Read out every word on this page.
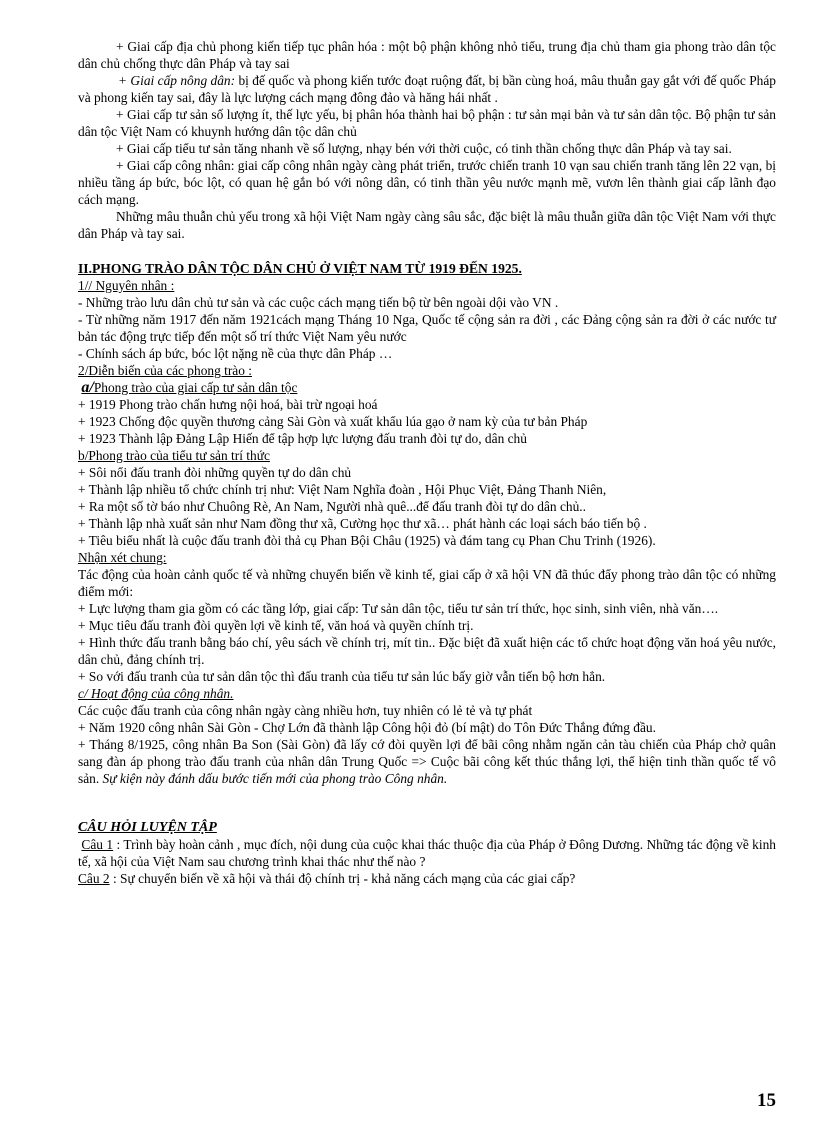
+ Giai cấp địa chủ phong kiến tiếp tục phân hóa : một bộ phận không nhỏ tiểu, trung địa chủ tham gia phong trào dân tộc dân chủ chống thực dân Pháp và tay sai

+ Giai cấp nông dân: bị đế quốc và phong kiến tước đoạt ruộng đất, bị bần cùng hoá, mâu thuẫn gay gắt với đế quốc Pháp và phong kiến tay sai, đây là lực lượng cách mạng đông đảo và hăng hái nhất .

+ Giai cấp tư sản số lượng ít, thế lực yếu, bị phân hóa thành hai bộ phận : tư sản mại bản và tư sản dân tộc. Bộ phận tư sản dân tộc Việt Nam có khuynh hướng dân tộc dân chủ

+ Giai cấp tiểu tư sản tăng nhanh về số lượng, nhạy bén với thời cuộc, có tinh thần chống thực dân Pháp và tay sai.

+ Giai cấp công nhân: giai cấp công nhân ngày càng phát triển, trước chiến tranh 10 vạn sau chiến tranh tăng lên 22 vạn, bị nhiều tầng áp bức, bóc lột, có quan hệ gắn bó với nông dân, có tinh thần yêu nước mạnh mẽ, vươn lên thành giai cấp lãnh đạo cách mạng.

Những mâu thuẫn chủ yếu trong xã hội Việt Nam ngày càng sâu sắc, đặc biệt là mâu thuẫn giữa dân tộc Việt Nam với thực dân Pháp và tay sai.

II.PHONG TRÀO DÂN TỘC DÂN CHỦ Ở VIỆT NAM TỪ 1919 ĐẾN 1925.

1// Nguyên nhân :

- Những trào lưu dân chủ tư sản và các cuộc cách mạng tiến bộ từ bên ngoài dội vào VN .

- Từ những năm 1917 đến năm 1921cách mạng Tháng 10 Nga, Quốc tế cộng sản ra đời , các Đảng cộng sản ra đời ở các nước tư bản tác động trực tiếp đến một số trí thức Việt Nam yêu nước

- Chính sách áp bức, bóc lột nặng nề của thực dân Pháp …

2/Diễn biến của các phong trào :

a/Phong trào của giai cấp tư sản dân tộc

+ 1919 Phong trào chấn hưng nội hoá, bài trừ ngoại hoá

+ 1923 Chống độc quyền thương cảng Sài Gòn và xuất khẩu lúa gạo ở nam kỳ của tư bản Pháp

+ 1923 Thành lập Đảng Lập Hiến để tập hợp lực lượng đấu tranh đòi tự do, dân chủ

b/Phong trào của tiểu tư sản trí thức

+ Sôi nổi đấu tranh đòi những quyền tự do dân chủ

+ Thành lập nhiều tổ chức chính trị như: Việt Nam Nghĩa đoàn , Hội Phục Việt, Đảng Thanh Niên,

+ Ra một số tờ báo như Chuông Rè, An Nam, Người nhà quê...để đấu tranh đòi tự do dân chủ..

+ Thành lập nhà xuất sản như Nam đồng thư xã, Cường học thư xã… phát hành các loại sách báo tiến bộ .

+ Tiêu biểu nhất là cuộc đấu tranh đòi thả cụ Phan Bội Châu (1925) và đám tang cụ Phan Chu Trinh (1926).

Nhận xét chung:

Tác động của hoàn cảnh quốc tế và những chuyển biến về kinh tế, giai cấp ở xã hội VN đã thúc đẩy phong trào dân tộc có những điểm mới:

+ Lực lượng tham gia gồm có các tầng lớp, giai cấp: Tư sản dân tộc, tiểu tư sản trí thức, học sinh, sinh viên, nhà văn….

+ Mục tiêu đấu tranh đòi quyền lợi về kinh tế, văn hoá và quyền chính trị.

+ Hình thức đấu tranh bằng báo chí, yêu sách về chính trị, mít tin.. Đặc biệt đã xuất hiện các tổ chức hoạt động văn hoá yêu nước, dân chủ, đảng chính trị.

+ So với đấu tranh của tư sản dân tộc thì đấu tranh của tiểu tư sản lúc bấy giờ vẫn tiến bộ hơn hẳn.

c/ Hoạt động của công nhân.

Các cuộc đấu tranh của công nhân ngày càng nhiều hơn, tuy nhiên có lẻ tẻ và tự phát

+ Năm 1920 công nhân Sài Gòn - Chợ Lớn đã thành lập Công hội đỏ (bí mật) do Tôn Đức Thắng đứng đầu.

+ Tháng 8/1925, công nhân Ba Son (Sài Gòn) đã lấy cớ đòi quyền lợi để bãi công nhằm ngăn cản tàu chiến của Pháp chở quân sang đàn áp phong trào đấu tranh của nhân dân Trung Quốc => Cuộc bãi công kết thúc thắng lợi, thể hiện tinh thần quốc tế vô sản. Sự kiện này đánh dấu bước tiến mới của phong trào Công nhân.

CÂU HỎI LUYỆN TẬP

Câu 1 : Trình bày hoàn cảnh , mục đích, nội dung của cuộc khai thác thuộc địa của Pháp ở Đông Dương. Những tác động về kinh tế, xã hội của Việt Nam sau chương trình khai thác như thế nào ?

Câu 2 : Sự chuyển biến về xã hội và thái độ chính trị - khả năng cách mạng của các giai cấp?

15
